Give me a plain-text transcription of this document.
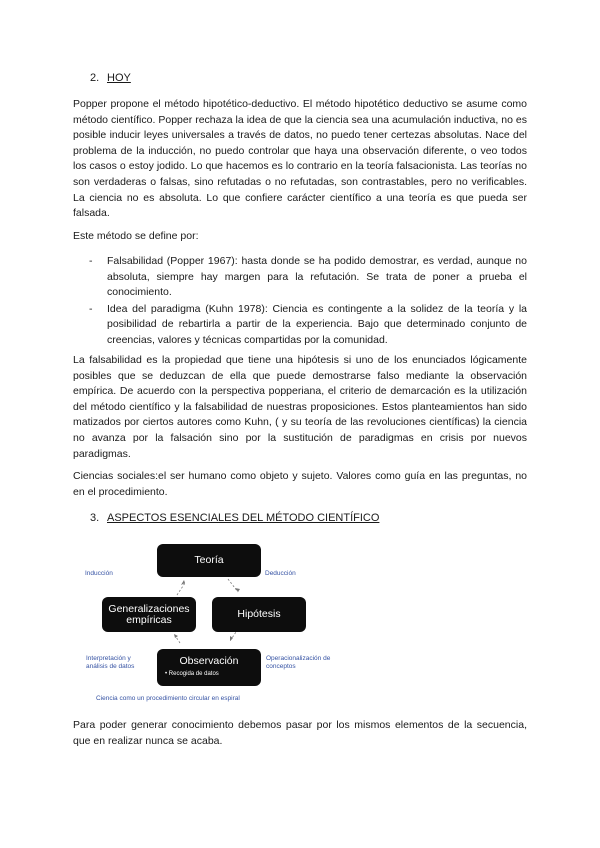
2. HOY

Popper propone el método hipotético-deductivo. El método hipotético deductivo se asume como método científico. Popper rechaza la idea de que la ciencia sea una acumulación inductiva, no es posible inducir leyes universales a través de datos, no puedo tener certezas absolutas. Nace del problema de la inducción, no puedo controlar que haya una observación diferente, o veo todos los casos o estoy jodido. Lo que hacemos es lo contrario en la teoría falsacionista. Las teorías no son verdaderas o falsas, sino refutadas o no refutadas, son contrastables, pero no verificables. La ciencia no es absoluta. Lo que confiere carácter científico a una teoría es que pueda ser falsada.

Este método se define por:

- Falsabilidad (Popper 1967): hasta donde se ha podido demostrar, es verdad, aunque no absoluta, siempre hay margen para la refutación. Se trata de poner a prueba el conocimiento.
- Idea del paradigma (Kuhn 1978): Ciencia es contingente a la solidez de la teoría y la posibilidad de rebartirla a partir de la experiencia. Bajo que determinado conjunto de creencias, valores y técnicas compartidas por la comunidad.

La falsabilidad es la propiedad que tiene una hipótesis si uno de los enunciados lógicamente posibles que se deduzcan de ella que puede demostrarse falso mediante la observación empírica. De acuerdo con la perspectiva popperiana, el criterio de demarcación es la utilización del método científico y la falsabilidad de nuestras proposiciones. Estos planteamientos han sido matizados por ciertos autores como Kuhn, ( y su teoría de las revoluciones científicas) la ciencia no avanza por la falsación sino por la sustitución de paradigmas en crisis por nuevos paradigmas.

Ciencias sociales:el ser humano como objeto y sujeto. Valores como guía en las preguntas, no en el procedimiento.

3. ASPECTOS ESENCIALES DEL MÉTODO CIENTÍFICO
Teoría
Generalizaciones empíricas	Hipótesis
Observación
• Recogida de datos
Inducción	Deducción
Interpretación y análisis de datos
Operacionalización de conceptos
Ciencia como un procedimiento circular en espiral

Para poder generar conocimiento debemos pasar por los mismos elementos de la secuencia, que en realizar nunca se acaba.
